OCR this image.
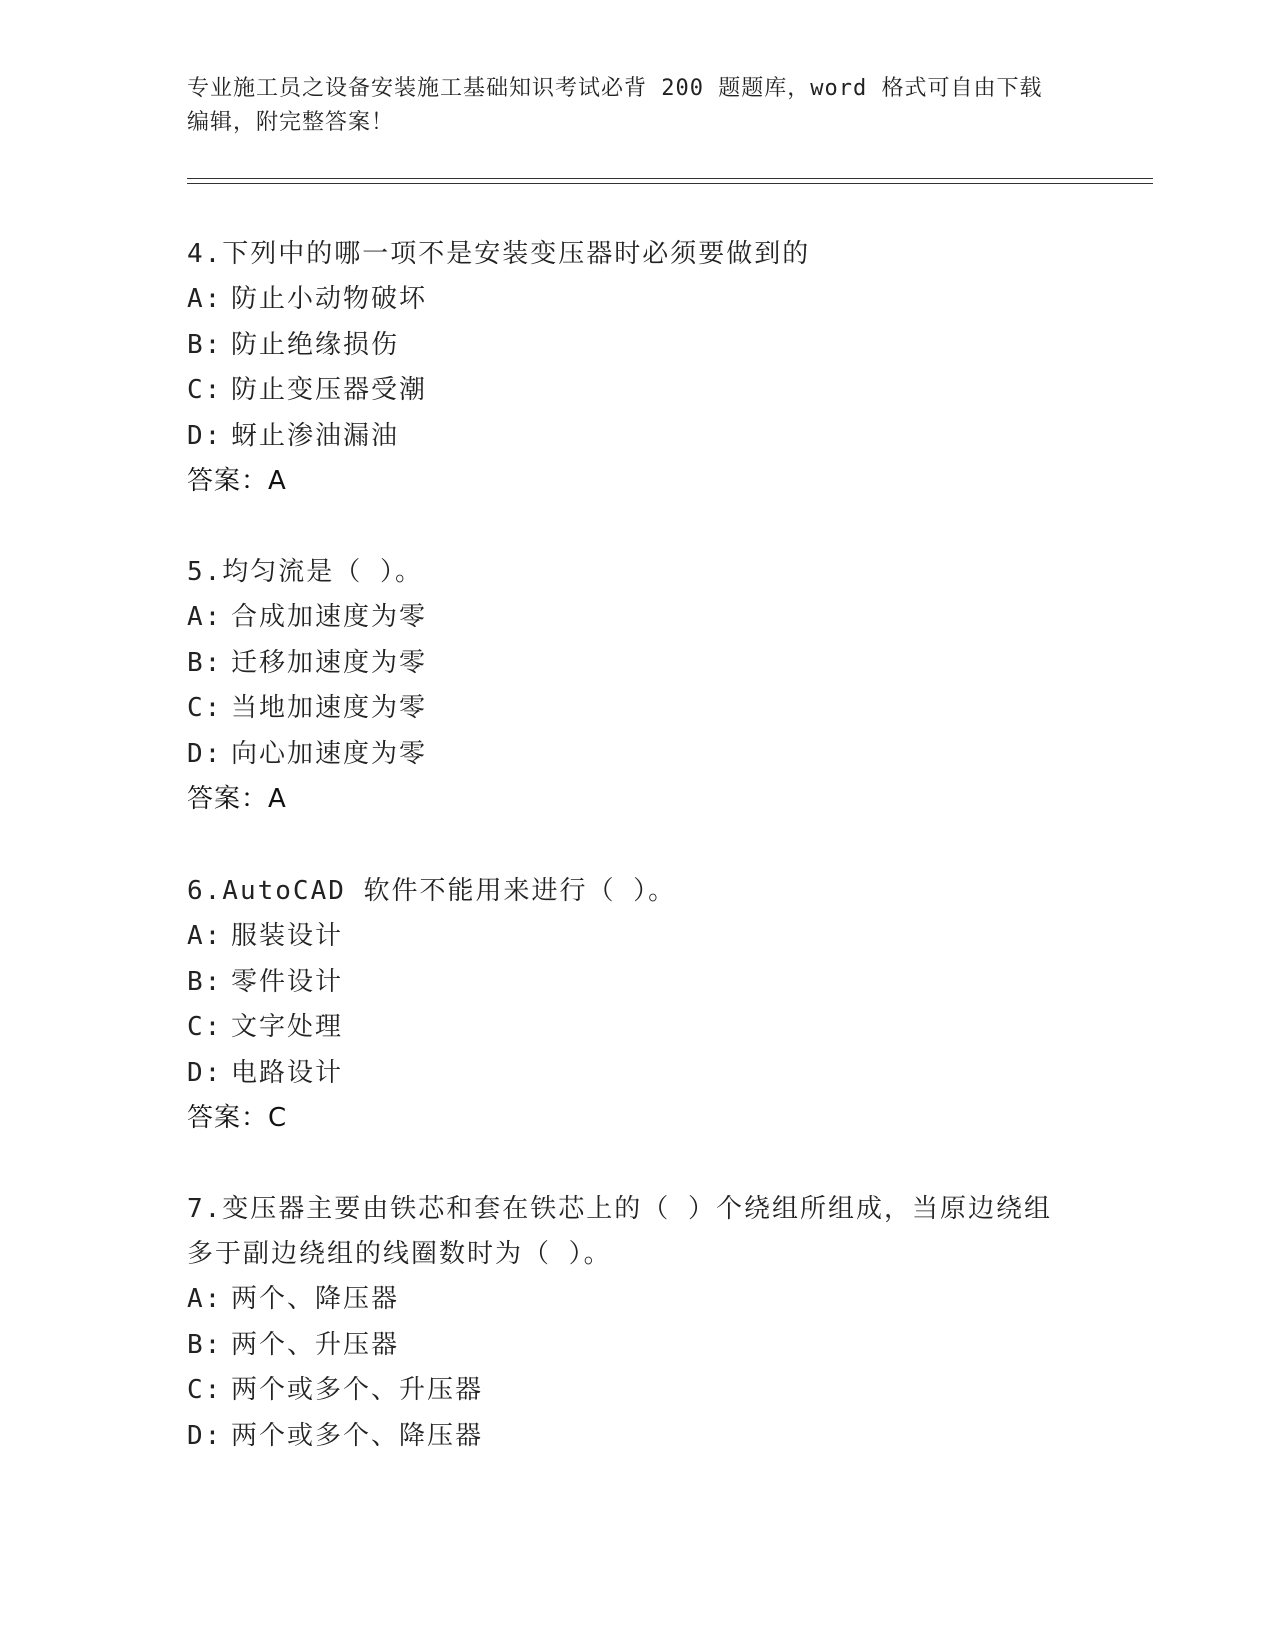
专业施工员之设备安装施工基础知识考试必背 200 题题库，word 格式可自由下载
编辑，附完整答案！

4.下列中的哪一项不是安装变压器时必须要做到的

A: 防止小动物破坏
B: 防止绝缘损伤
C: 防止变压器受潮
D: 蚜止渗油漏油

答案：A

5.均匀流是（ ）。

A: 合成加速度为零
B: 迁移加速度为零
C: 当地加速度为零
D: 向心加速度为零

答案：A

6.AutoCAD 软件不能用来进行（ ）。

A: 服装设计
B: 零件设计
C: 文字处理
D: 电路设计

答案：C

7.变压器主要由铁芯和套在铁芯上的（ ）个绕组所组成，当原边绕组

多于副边绕组的线圈数时为（ ）。

A: 两个、降压器
B: 两个、升压器
C: 两个或多个、升压器
D: 两个或多个、降压器
